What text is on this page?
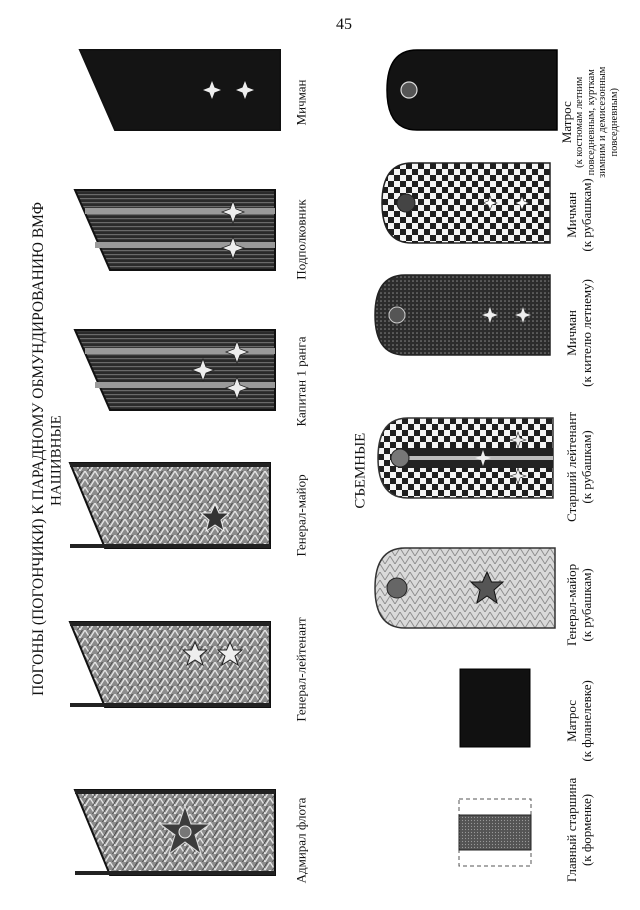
45
ПОГОНЫ (ПОГОНЧИКИ) К ПАРАДНОМУ ОБМУНДИРОВАНИЮ ВМФ НАШИВНЫЕ	СЪЕМНЫЕ
Адмирал флота
Генерал-лейтенант
Генерал-майор
Капитан 1 ранга
Подполковник
Мичман
Главный старшина (к форменке)
Матрос (к фланелевке)
Генерал-майор (к рубашкам)
Старший лейтенант (к рубашкам)
Мичман (к кителю летнему)
Мичман (к рубашкам)
Матрос (к костюмам летним повседневным, курткам зимним и демисезонным повседневным)
